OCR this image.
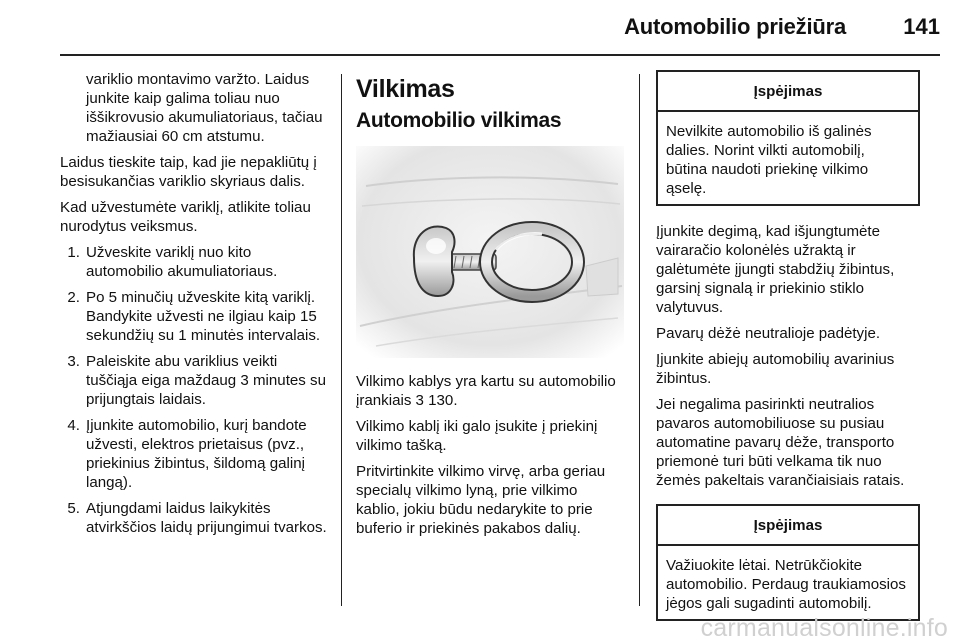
Automobilio priežiūra	141

variklio montavimo varžto. Laidus junkite kaip galima toliau nuo iššikrovusio akumuliatoriaus, tačiau mažiausiai 60 cm atstumu.

Laidus tieskite taip, kad jie nepakliūtų į besisukančias variklio skyriaus dalis.

Kad užvestumėte variklį, atlikite toliau nurodytus veiksmus.

1. Užveskite variklį nuo kito automobilio akumuliatoriaus.
2. Po 5 minučių užveskite kitą variklį. Bandykite užvesti ne ilgiau kaip 15 sekundžių su 1 minutės intervalais.
3. Paleiskite abu variklius veikti tuščiąja eiga maždaug 3 minutes su prijungtais laidais.
4. Įjunkite automobilio, kurį bandote užvesti, elektros prietaisus (pvz., priekinius žibintus, šildomą galinį langą).
5. Atjungdami laidus laikykitės atvirkščios laidų prijungimui tvarkos.
Vilkimas
Automobilio vilkimas

Vilkimo kablys yra kartu su automobilio įrankiais 3 130.

Vilkimo kablį iki galo įsukite į priekinį vilkimo tašką.

Pritvirtinkite vilkimo virvę, arba geriau specialų vilkimo lyną, prie vilkimo kablio, jokiu būdu nedarykite to prie buferio ir priekinės pakabos dalių.

Įspėjimas
Nevilkite automobilio iš galinės dalies. Norint vilkti automobilį, būtina naudoti priekinę vilkimo ąselę.

Įjunkite degimą, kad išjungtumėte vairaračio kolonėlės užraktą ir galėtumėte įjungti stabdžių žibintus, garsinį signalą ir priekinio stiklo valytuvus.

Pavarų dėžė neutralioje padėtyje.

Įjunkite abiejų automobilių avarinius žibintus.

Jei negalima pasirinkti neutralios pavaros automobiliuose su pusiau automatine pavarų dėže, transporto priemonė turi būti velkama tik nuo žemės pakeltais varančiaisiais ratais.

Įspėjimas
Važiuokite lėtai. Netrūkčiokite automobilio. Perdaug traukiamosios jėgos gali sugadinti automobilį.
carmanualsonline.info
